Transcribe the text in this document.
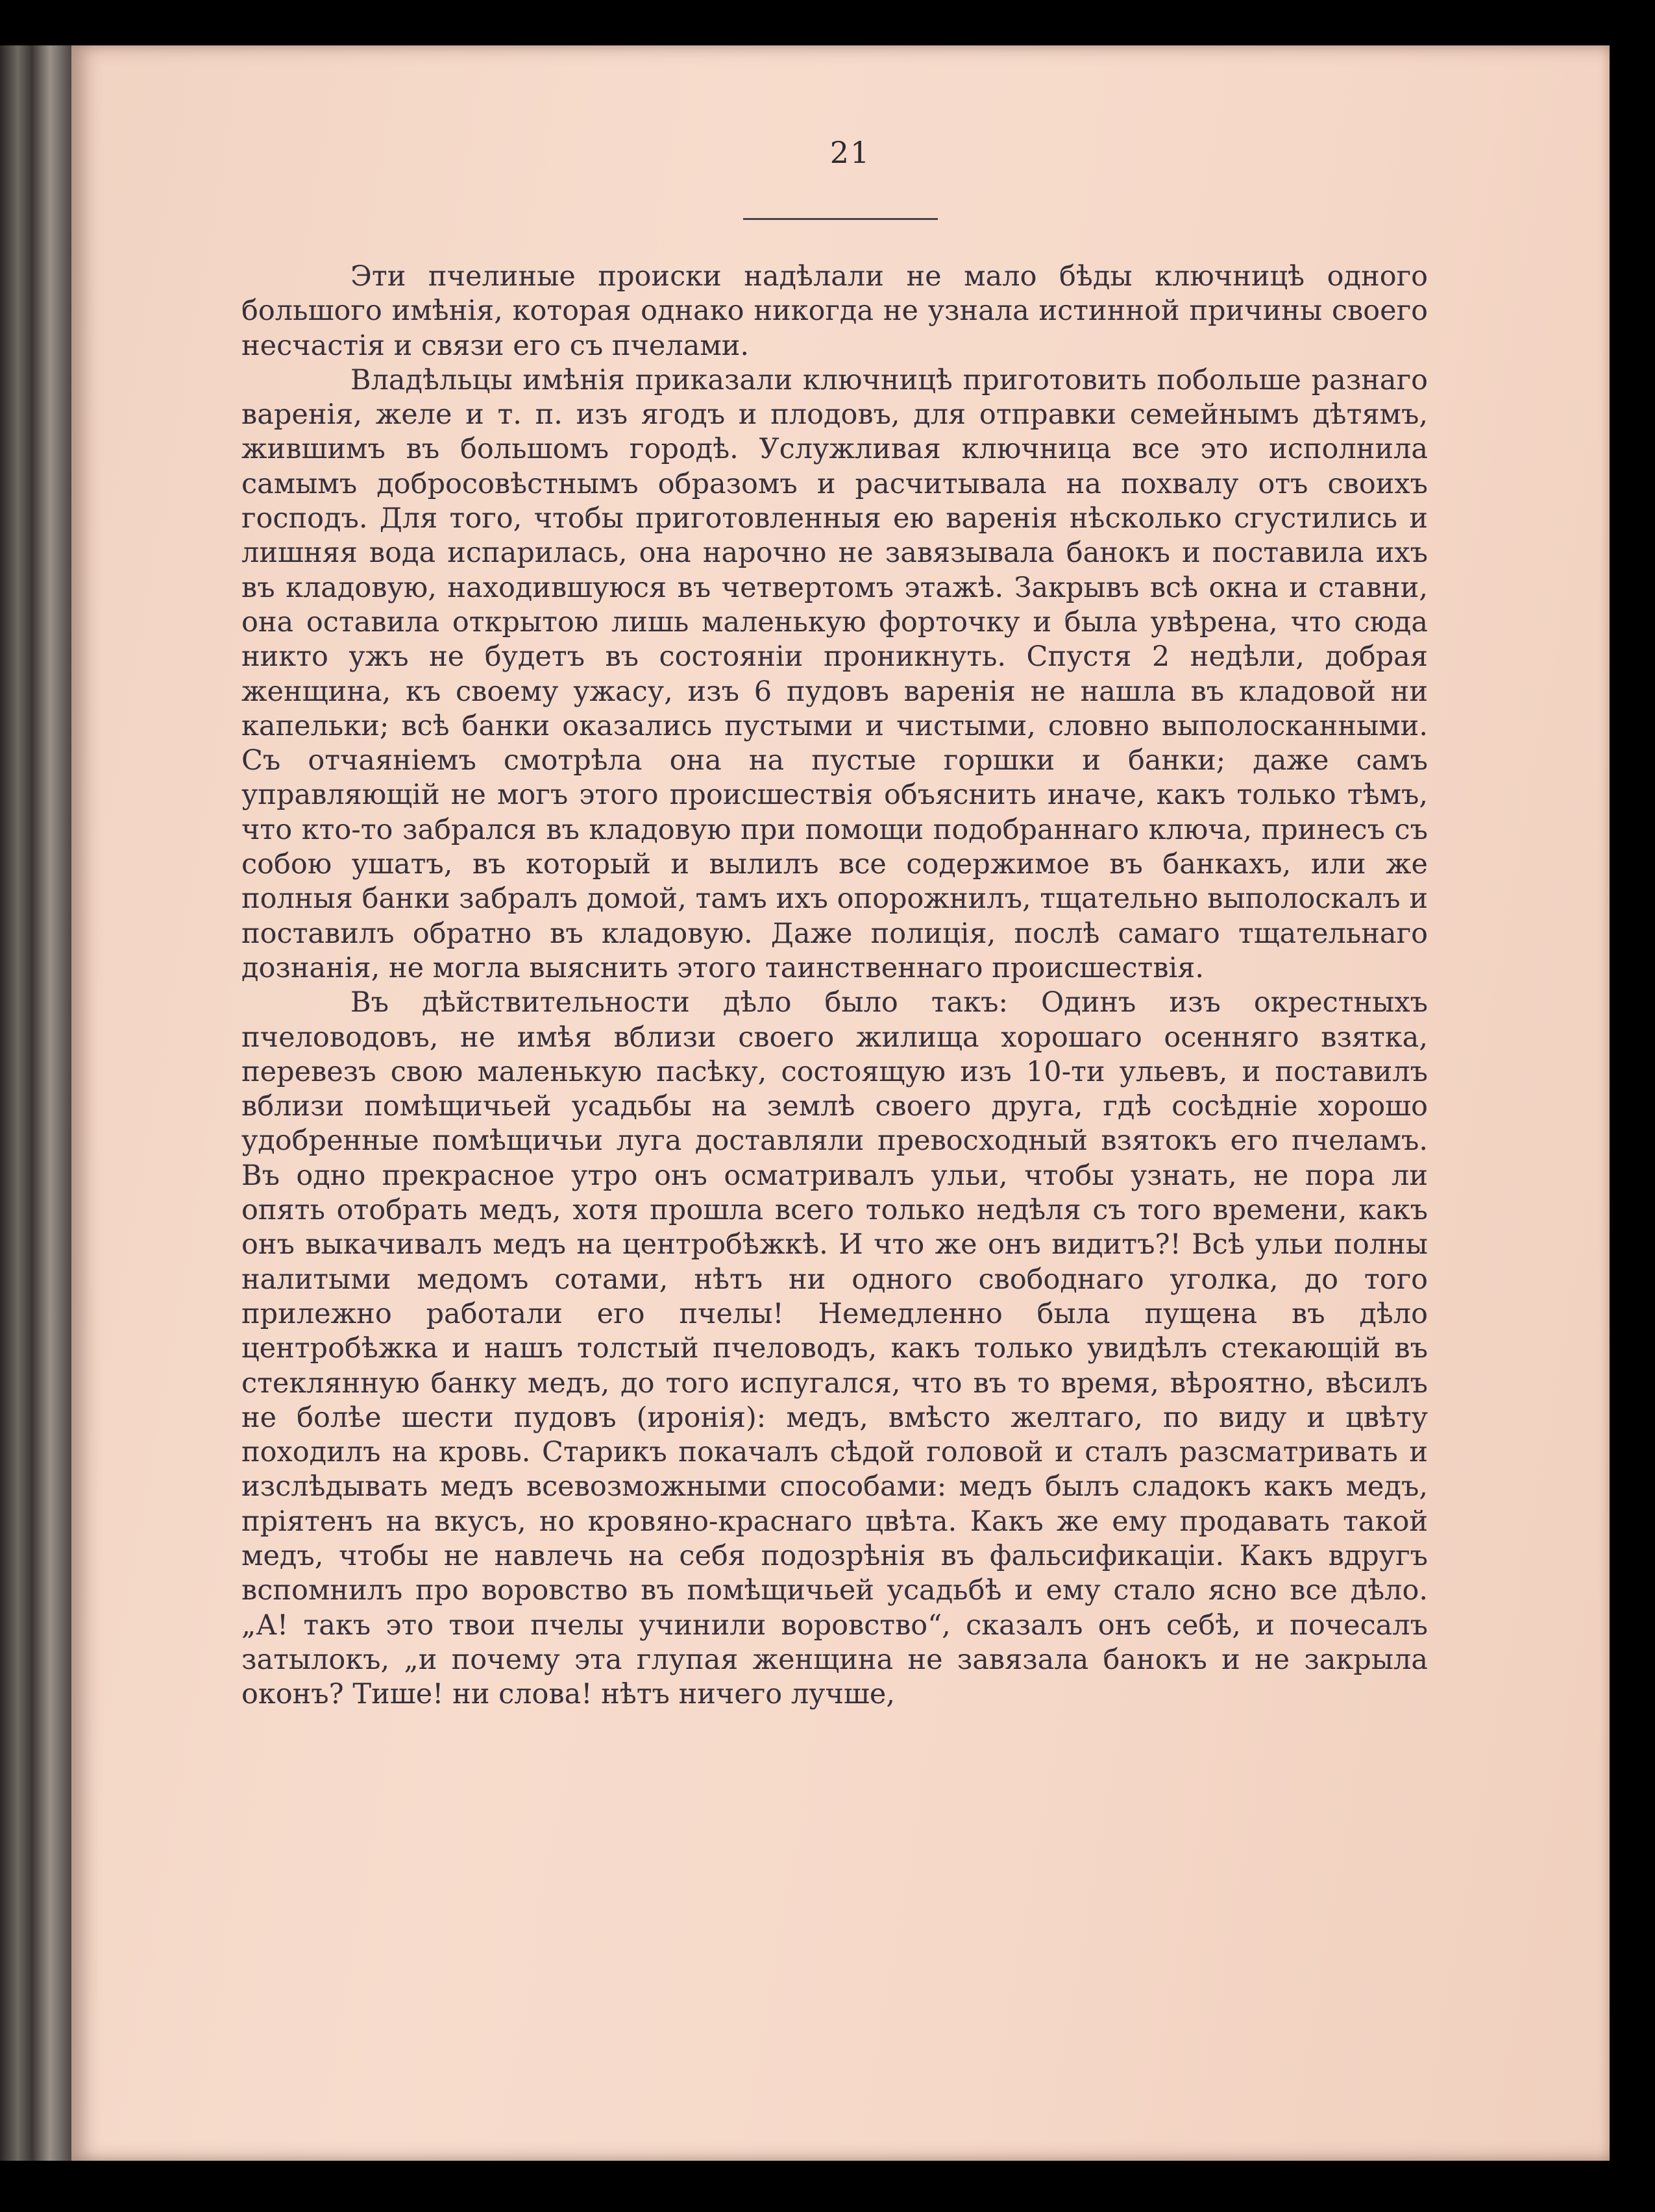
21

Эти пчелиные происки надѣлали не мало бѣды ключницѣ одного большого имѣнія, которая однако никогда не узнала истинной причины своего несчастія и связи его съ пчелами.

Владѣльцы имѣнія приказали ключницѣ приготовить побольше разнаго варенія, желе и т. п. изъ ягодъ и плодовъ, для отправки семейнымъ дѣтямъ, жившимъ въ большомъ городѣ. Услужливая ключница все это исполнила самымъ добросовѣстнымъ образомъ и расчитывала на похвалу отъ своихъ господъ. Для того, чтобы приготовленныя ею варенія нѣсколько сгустились и лишняя вода испарилась, она нарочно не завязывала банокъ и поставила ихъ въ кладовую, находившуюся въ четвертомъ этажѣ. Закрывъ всѣ окна и ставни, она оставила открытою лишь маленькую форточку и была увѣрена, что сюда никто ужъ не будетъ въ состояніи проникнуть. Спустя 2 недѣли, добрая женщина, къ своему ужасу, изъ 6 пудовъ варенія не нашла въ кладовой ни капельки; всѣ банки оказались пустыми и чистыми, словно выполосканными. Съ отчаяніемъ смотрѣла она на пустые горшки и банки; даже самъ управляющій не могъ этого происшествія объяснить иначе, какъ только тѣмъ, что кто-то забрался въ кладовую при помощи подобраннаго ключа, принесъ съ собою ушатъ, въ который и вылилъ все содержимое въ банкахъ, или же полныя банки забралъ домой, тамъ ихъ опорожнилъ, тщательно выполоскалъ и поставилъ обратно въ кладовую. Даже полиція, послѣ самаго тщательнаго дознанія, не могла выяснить этого таинственнаго происшествія.

Въ дѣйствительности дѣло было такъ: Одинъ изъ окрестныхъ пчеловодовъ, не имѣя вблизи своего жилища хорошаго осенняго взятка, перевезъ свою маленькую пасѣку, состоящую изъ 10-ти ульевъ, и поставилъ вблизи помѣщичьей усадьбы на землѣ своего друга, гдѣ сосѣдніе хорошо удобренные помѣщичьи луга доставляли превосходный взятокъ его пчеламъ. Въ одно прекрасное утро онъ осматривалъ ульи, чтобы узнать, не пора ли опять отобрать медъ, хотя прошла всего только недѣля съ того времени, какъ онъ выкачивалъ медъ на центробѣжкѣ. И что же онъ видитъ?! Всѣ ульи полны налитыми медомъ сотами, нѣтъ ни одного свободнаго уголка, до того прилежно работали его пчелы! Немедленно была пущена въ дѣло центробѣжка и нашъ толстый пчеловодъ, какъ только увидѣлъ стекающій въ стеклянную банку медъ, до того испугался, что въ то время, вѣроятно, вѣсилъ не болѣе шести пудовъ (иронія): медъ, вмѣсто желтаго, по виду и цвѣту походилъ на кровь. Старикъ покачалъ сѣдой головой и сталъ разсматривать и изслѣдывать медъ всевозможными способами: медъ былъ сладокъ какъ медъ, пріятенъ на вкусъ, но кровяно-краснаго цвѣта. Какъ же ему продавать такой медъ, чтобы не навлечь на себя подозрѣнія въ фальсификаціи. Какъ вдругъ вспомнилъ про воровство въ помѣщичьей усадьбѣ и ему стало ясно все дѣло. „А! такъ это твои пчелы учинили воровство“, сказалъ онъ себѣ, и почесалъ затылокъ, „и почему эта глупая женщина не завязала банокъ и не закрыла оконъ? Тише! ни слова! нѣтъ ничего лучше,
